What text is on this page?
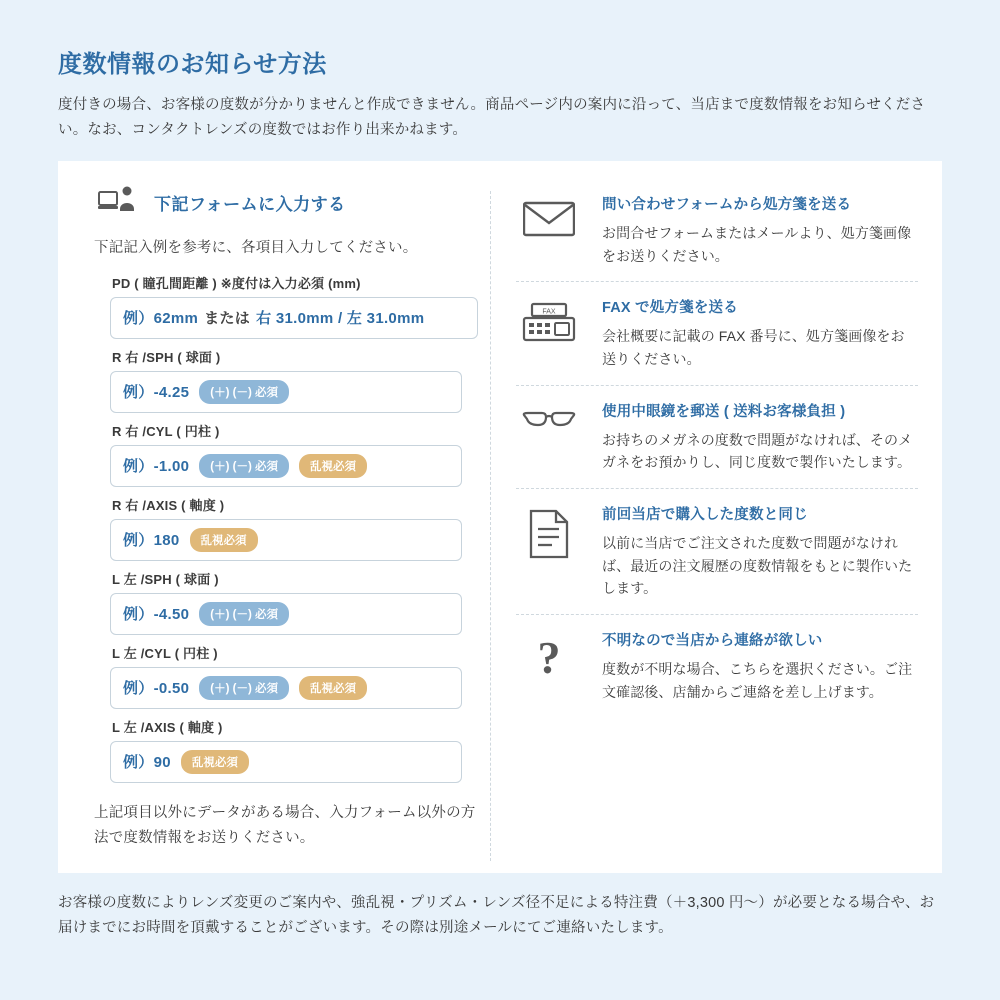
度数情報のお知らせ方法

度付きの場合、お客様の度数が分かりませんと作成できません。商品ページ内の案内に沿って、当店まで度数情報をお知らせください。なお、コンタクトレンズの度数ではお作り出来かねます。

下記フォームに入力する
下記記入例を参考に、各項目入力してください。
PD ( 瞳孔間距離 ) ※度付は入力必須 (mm)
例）62mm または 右 31.0mm / 左 31.0mm
R 右 /SPH ( 球面 )
例）-4.25	(＋) (－) 必須
R 右 /CYL ( 円柱 )
例）-1.00	(＋) (－) 必須	乱視必須
R 右 /AXIS ( 軸度 )
例）180	乱視必須
L 左 /SPH ( 球面 )
例）-4.50	(＋) (－) 必須
L 左 /CYL ( 円柱 )
例）-0.50	(＋) (－) 必須	乱視必須
L 左 /AXIS ( 軸度 )
例）90	乱視必須
上記項目以外にデータがある場合、入力フォーム以外の方法で度数情報をお送りください。
問い合わせフォームから処方箋を送る
お問合せフォームまたはメールより、処方箋画像をお送りください。
FAX	FAX で処方箋を送る
会社概要に記載の FAX 番号に、処方箋画像をお送りください。
使用中眼鏡を郵送 ( 送料お客様負担 )
お持ちのメガネの度数で問題がなければ、そのメガネをお預かりし、同じ度数で製作いたします。
前回当店で購入した度数と同じ
以前に当店でご注文された度数で問題がなければ、最近の注文履歴の度数情報をもとに製作いたします。
?	不明なので当店から連絡が欲しい
度数が不明な場合、こちらを選択ください。ご注文確認後、店舗からご連絡を差し上げます。

お客様の度数によりレンズ変更のご案内や、強乱視・プリズム・レンズ径不足による特注費（＋3,300 円〜）が必要となる場合や、お届けまでにお時間を頂戴することがございます。その際は別途メールにてご連絡いたします。
